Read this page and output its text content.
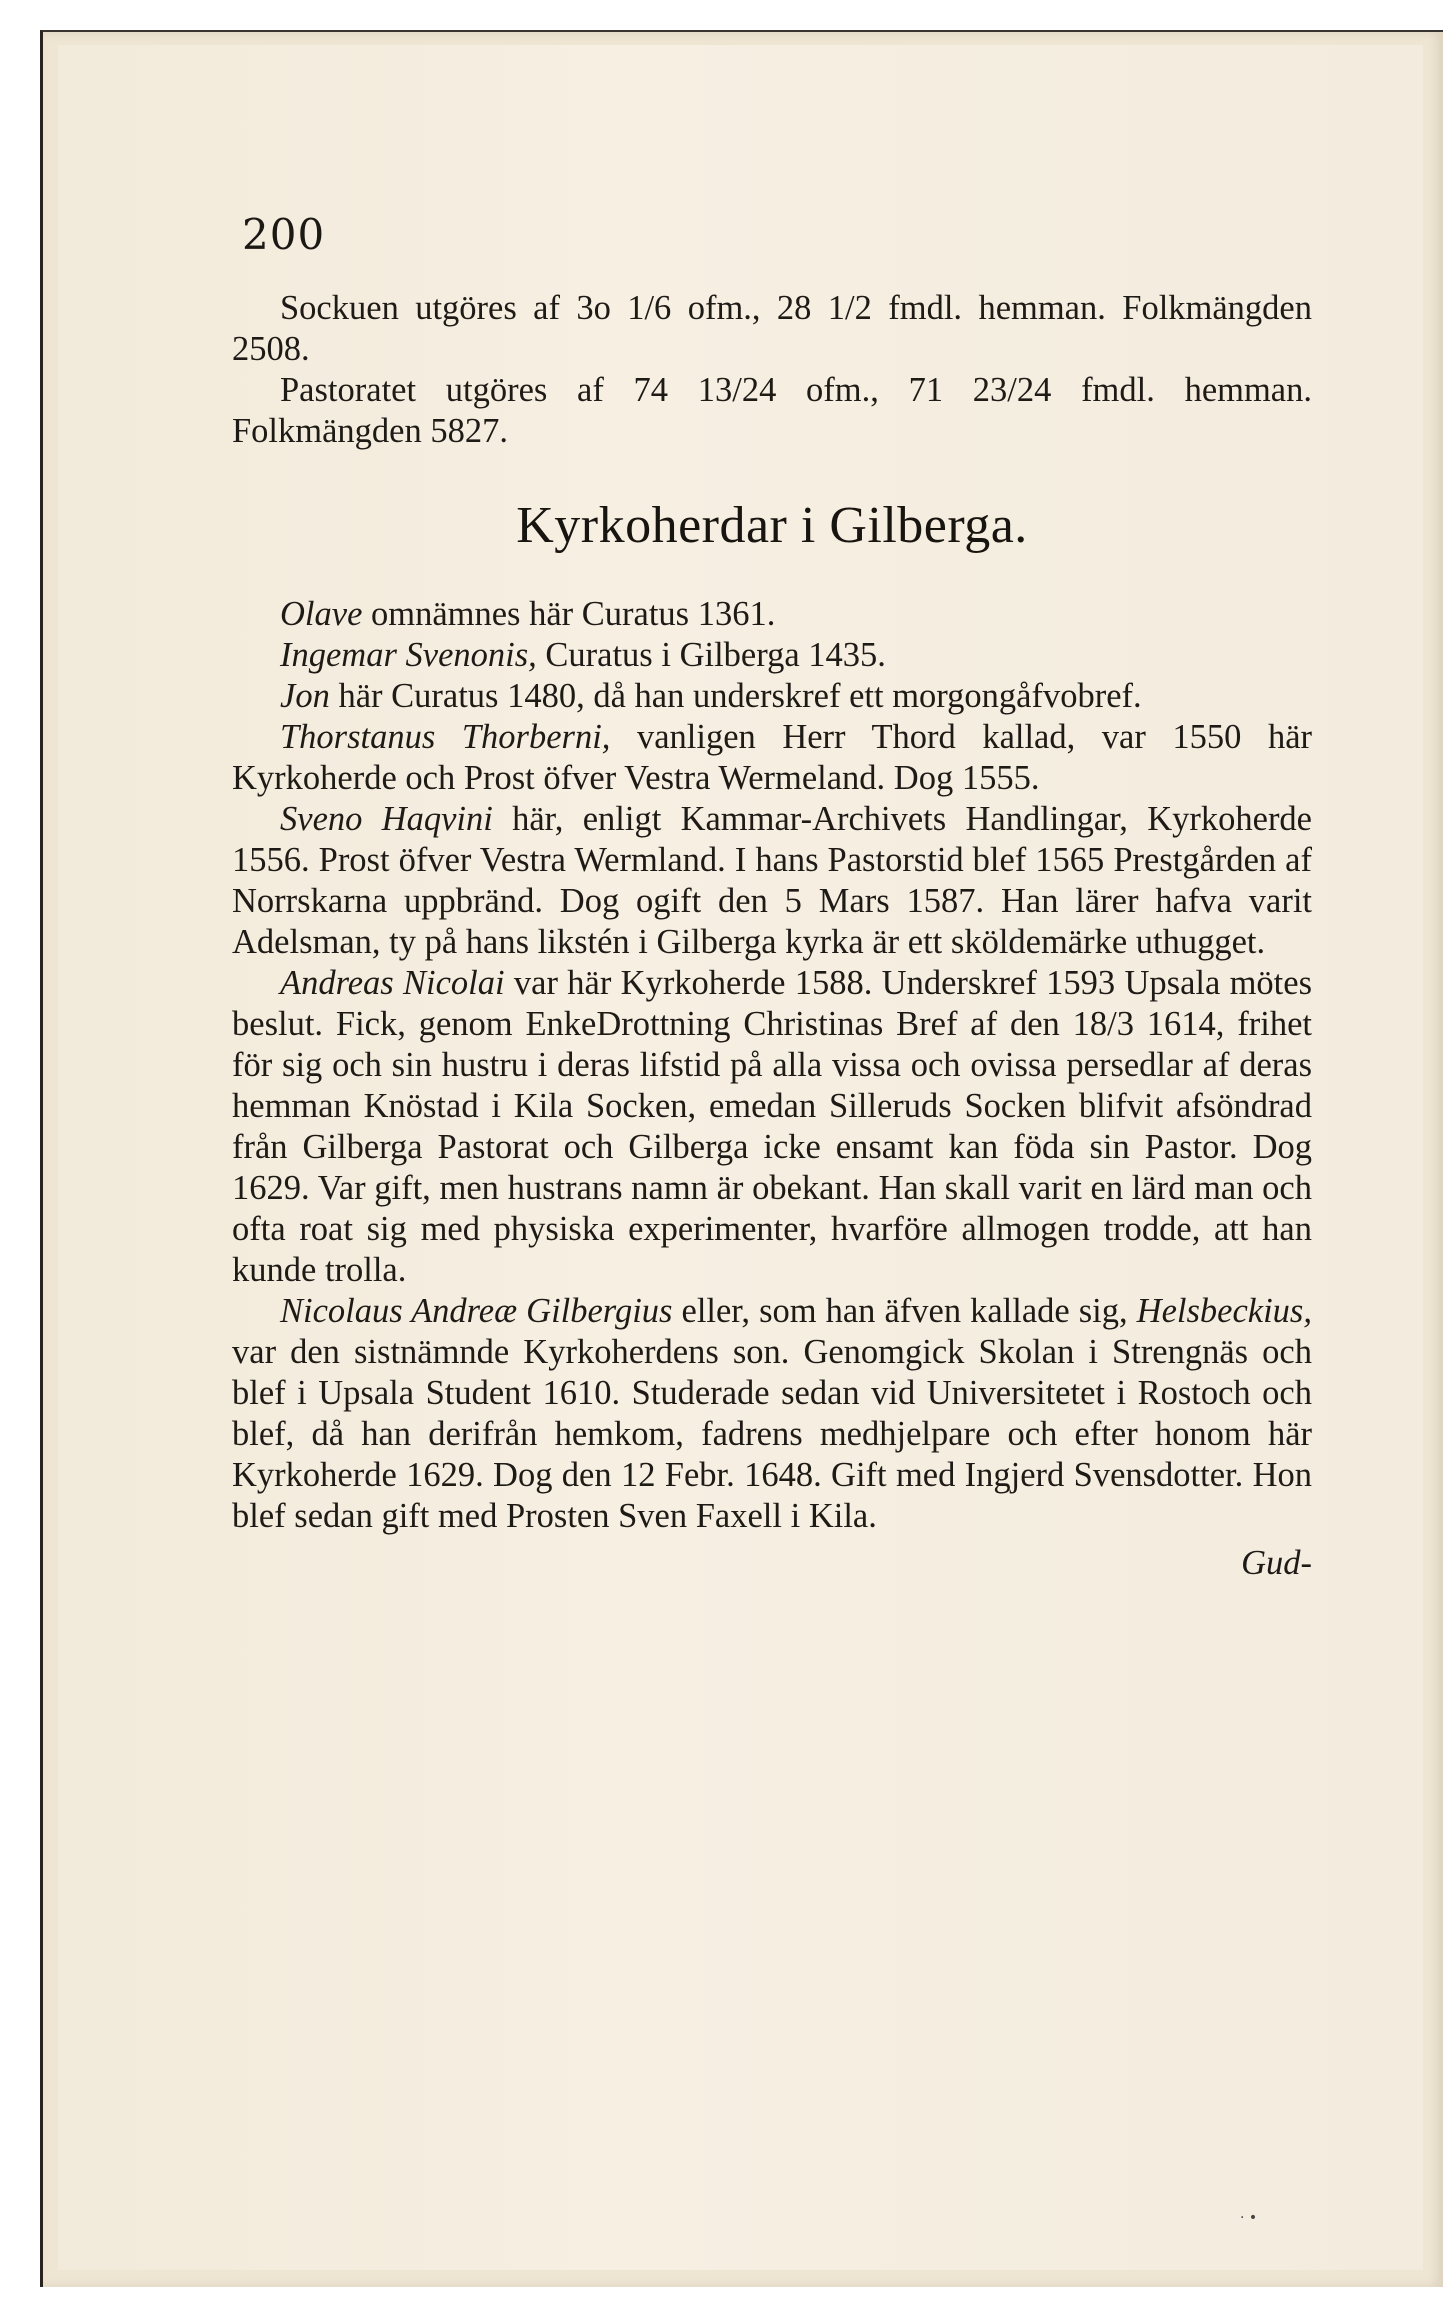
200

Sockuen utgöres af 3o 1/6 ofm., 28 1/2 fmdl. hemman. Folkmängden 2508.

Pastoratet utgöres af 74 13/24 ofm., 71 23/24 fmdl. hemman. Folkmängden 5827.

Kyrkoherdar i Gilberga.

Olave omnämnes här Curatus 1361.

Ingemar Svenonis, Curatus i Gilberga 1435.

Jon här Curatus 1480, då han underskref ett morgongåfvobref.

Thorstanus Thorberni, vanligen Herr Thord kallad, var 1550 här Kyrkoherde och Prost öfver Vestra Wermeland. Dog 1555.

Sveno Haqvini här, enligt Kammar-Archivets Handlingar, Kyrkoherde 1556. Prost öfver Vestra Wermland. I hans Pastorstid blef 1565 Prestgården af Norrskarna uppbränd. Dog ogift den 5 Mars 1587. Han lärer hafva varit Adelsman, ty på hans likstén i Gilberga kyrka är ett sköldemärke uthugget.

Andreas Nicolai var här Kyrkoherde 1588. Underskref 1593 Upsala mötes beslut. Fick, genom EnkeDrottning Christinas Bref af den 18/3 1614, frihet för sig och sin hustru i deras lifstid på alla vissa och ovissa persedlar af deras hemman Knöstad i Kila Socken, emedan Silleruds Socken blifvit afsöndrad från Gilberga Pastorat och Gilberga icke ensamt kan föda sin Pastor. Dog 1629. Var gift, men hustrans namn är obekant. Han skall varit en lärd man och ofta roat sig med physiska experimenter, hvarföre allmogen trodde, att han kunde trolla.

Nicolaus Andreæ Gilbergius eller, som han äfven kallade sig, Helsbeckius, var den sistnämnde Kyrkoherdens son. Genomgick Skolan i Strengnäs och blef i Upsala Student 1610. Studerade sedan vid Universitetet i Rostoch och blef, då han derifrån hemkom, fadrens medhjelpare och efter honom här Kyrkoherde 1629. Dog den 12 Febr. 1648. Gift med Ingjerd Svensdotter. Hon blef sedan gift med Prosten Sven Faxell i Kila.

Gud-
· •
